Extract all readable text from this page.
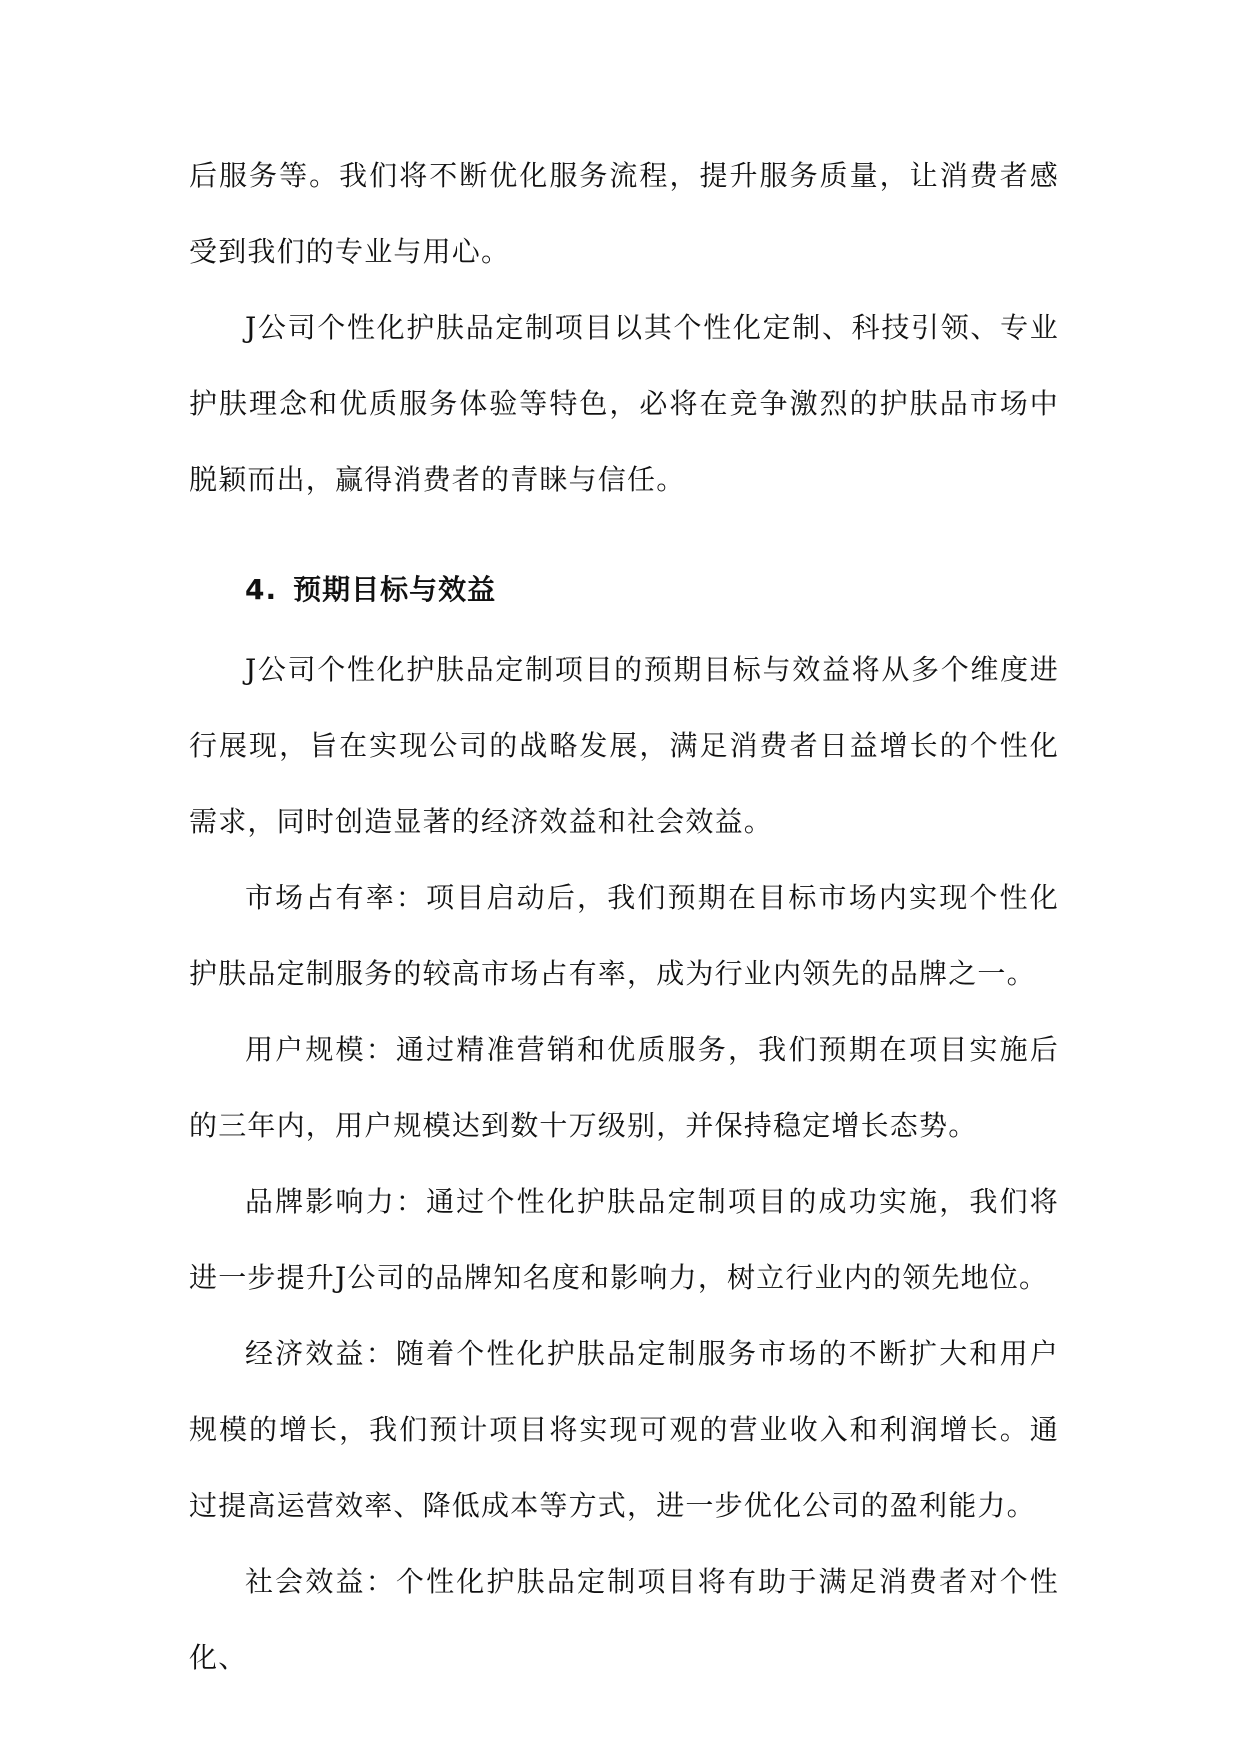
后服务等。我们将不断优化服务流程，提升服务质量，让消费者感受到我们的专业与用心。

J公司个性化护肤品定制项目以其个性化定制、科技引领、专业护肤理念和优质服务体验等特色，必将在竞争激烈的护肤品市场中脱颖而出，赢得消费者的青睐与信任。

4. 预期目标与效益

J公司个性化护肤品定制项目的预期目标与效益将从多个维度进行展现，旨在实现公司的战略发展，满足消费者日益增长的个性化需求，同时创造显著的经济效益和社会效益。

市场占有率：项目启动后，我们预期在目标市场内实现个性化护肤品定制服务的较高市场占有率，成为行业内领先的品牌之一。

用户规模：通过精准营销和优质服务，我们预期在项目实施后的三年内，用户规模达到数十万级别，并保持稳定增长态势。

品牌影响力：通过个性化护肤品定制项目的成功实施，我们将进一步提升J公司的品牌知名度和影响力，树立行业内的领先地位。

经济效益：随着个性化护肤品定制服务市场的不断扩大和用户规模的增长，我们预计项目将实现可观的营业收入和利润增长。通过提高运营效率、降低成本等方式，进一步优化公司的盈利能力。

社会效益：个性化护肤品定制项目将有助于满足消费者对个性化、
